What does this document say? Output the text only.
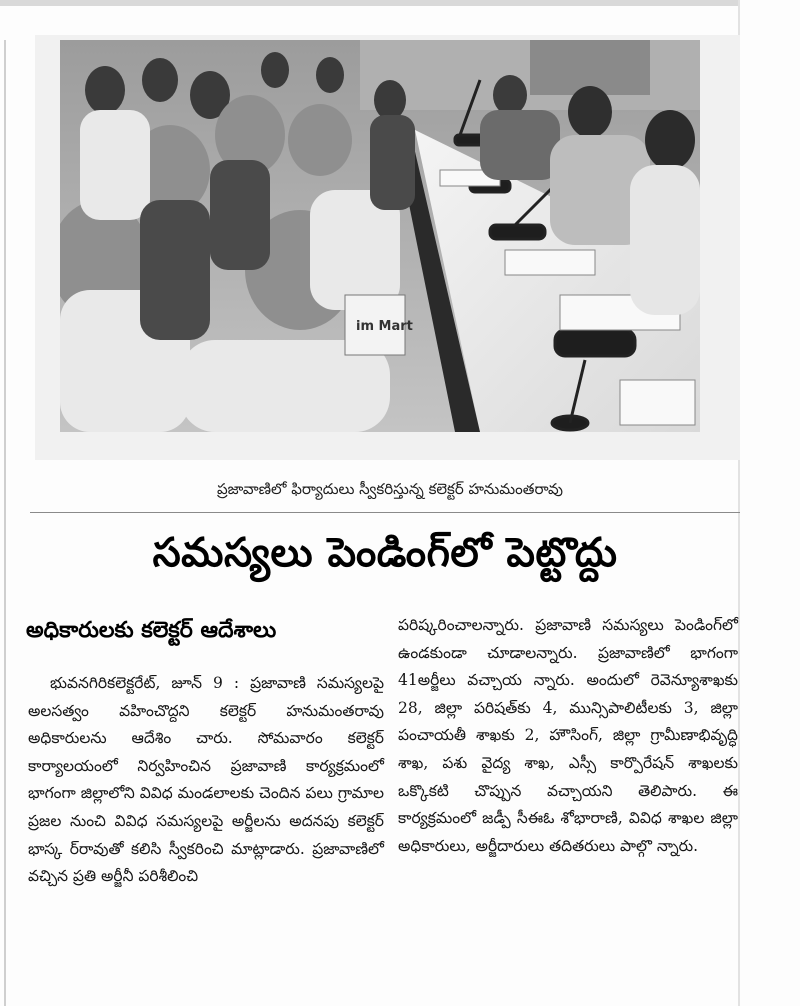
im Mart
ప్రజావాణిలో ఫిర్యాదులు స్వీకరిస్తున్న కలెక్టర్ హనుమంతరావు
సమస్యలు పెండింగ్‌లో పెట్టొద్దు
అధికారులకు కలెక్టర్ ఆదేశాలు

భువనగిరికలెక్టరేట్, జూన్ 9 : ప్రజావాణి సమస్యలపై అలసత్వం వహించొద్దని కలెక్టర్ హనుమంతరావు అధికారులను ఆదేశిం చారు. సోమవారం కలెక్టర్ కార్యాలయంలో నిర్వహించిన ప్రజావాణి కార్యక్రమంలో భాగంగా జిల్లాలోని వివిధ మండలాలకు చెందిన పలు గ్రామాల ప్రజల నుంచి వివిధ సమస్యలపై అర్జీలను అదనపు కలెక్టర్ భాస్క ర్‌రావుతో కలిసి స్వీకరించి మాట్లాడారు. ప్రజావాణిలో వచ్చిన ప్రతి అర్జీనీ పరిశీలించి

పరిష్కరించాలన్నారు. ప్రజావాణి సమస్యలు పెండింగ్‌లో ఉండకుండా చూడాలన్నారు. ప్రజావాణిలో భాగంగా 41అర్జీలు వచ్చాయ న్నారు. అందులో రెవెన్యూశాఖకు 28, జిల్లా పరిషత్‌కు 4, మున్సిపాలిటీలకు 3, జిల్లా పంచాయతీ శాఖకు 2, హౌసింగ్, జిల్లా గ్రామీణాభివృద్ధి శాఖ, పశు వైద్య శాఖ, ఎస్సీ కార్పొరేషన్ శాఖలకు ఒక్కొకటి చొప్పున వచ్చాయని తెలిపారు. ఈ కార్యక్రమంలో జడ్పీ సీఈఓ శోభారాణి, వివిధ శాఖల జిల్లా అధికారులు, అర్జీదారులు తదితరులు పాల్గొ న్నారు.
